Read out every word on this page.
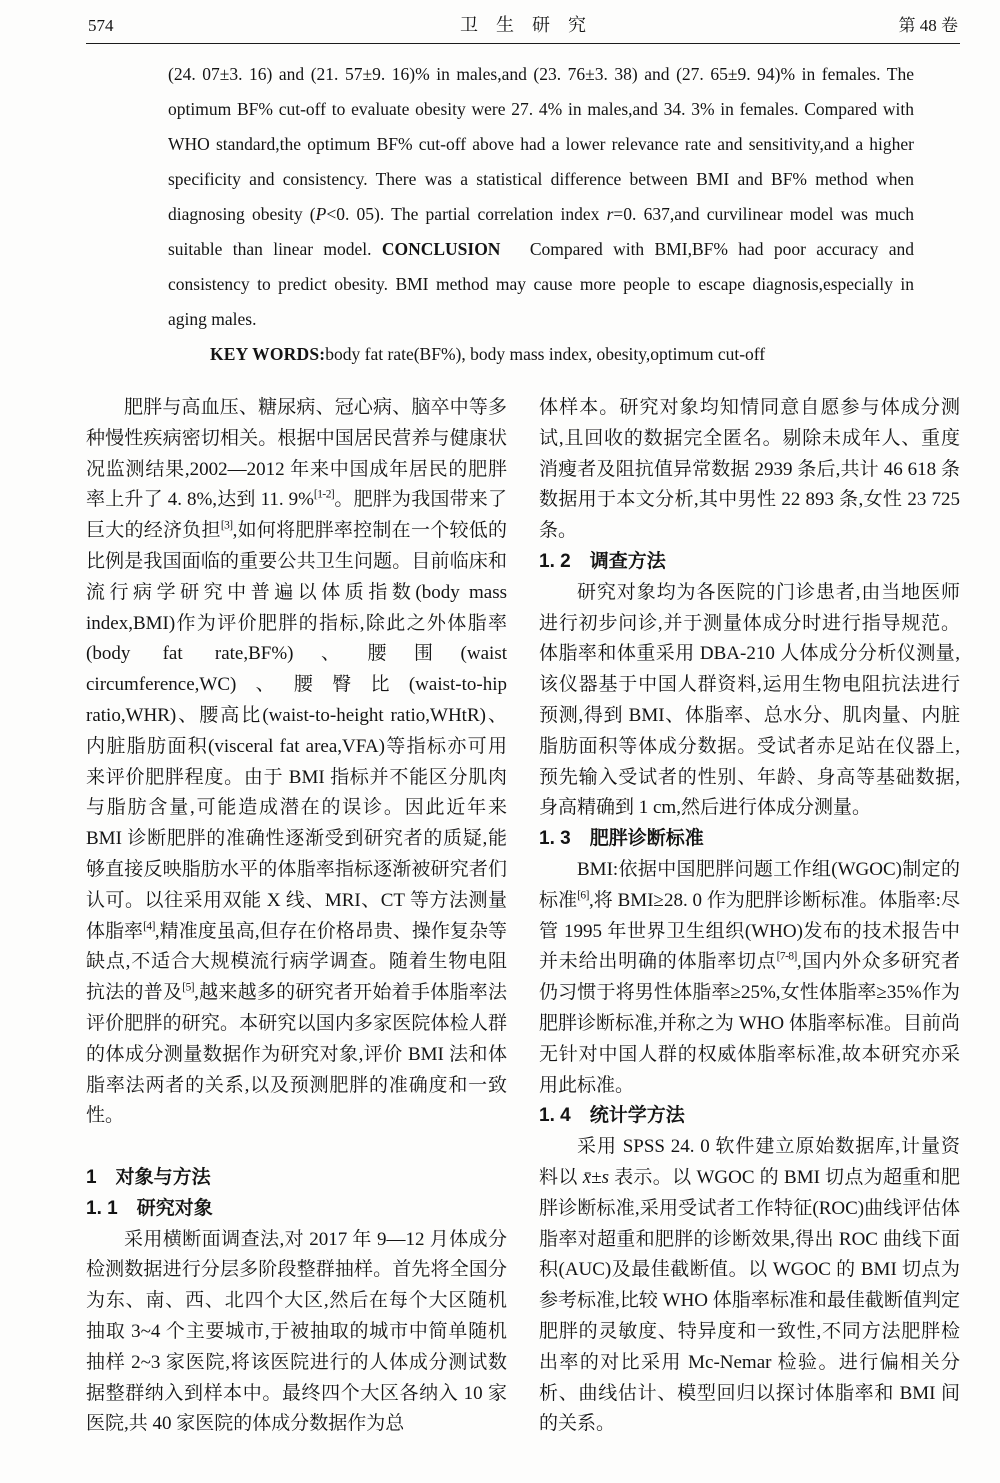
574	卫　生　研　究	第 48 卷

(24. 07±3. 16) and (21. 57±9. 16)% in males,and (23. 76±3. 38) and (27. 65±9. 94)% in females. The optimum BF% cut-off to evaluate obesity were 27. 4% in males,and 34. 3% in females. Compared with WHO standard,the optimum BF% cut-off above had a lower relevance rate and sensitivity,and a higher specificity and consistency. There was a statistical difference between BMI and BF% method when diagnosing obesity (P<0. 05). The partial correlation index r=0. 637,and curvilinear model was much suitable than linear model. CONCLUSION　Compared with BMI,BF% had poor accuracy and consistency to predict obesity. BMI method may cause more people to escape diagnosis,especially in aging males.

KEY WORDS:body fat rate(BF%), body mass index, obesity,optimum cut-off

肥胖与高血压、糖尿病、冠心病、脑卒中等多种慢性疾病密切相关。根据中国居民营养与健康状况监测结果,2002—2012 年来中国成年居民的肥胖率上升了 4. 8%,达到 11. 9%[1-2]。肥胖为我国带来了巨大的经济负担[3],如何将肥胖率控制在一个较低的比例是我国面临的重要公共卫生问题。目前临床和流行病学研究中普遍以体质指数(body mass index,BMI)作为评价肥胖的指标,除此之外体脂率(body fat rate,BF%)、腰围(waist circumference,WC)、腰臀比(waist-to-hip ratio,WHR)、腰高比(waist-to-height ratio,WHtR)、内脏脂肪面积(visceral fat area,VFA)等指标亦可用来评价肥胖程度。由于 BMI 指标并不能区分肌肉与脂肪含量,可能造成潜在的误诊。因此近年来 BMI 诊断肥胖的准确性逐渐受到研究者的质疑,能够直接反映脂肪水平的体脂率指标逐渐被研究者们认可。以往采用双能 X 线、MRI、CT 等方法测量体脂率[4],精准度虽高,但存在价格昂贵、操作复杂等缺点,不适合大规模流行病学调查。随着生物电阻抗法的普及[5],越来越多的研究者开始着手体脂率法评价肥胖的研究。本研究以国内多家医院体检人群的体成分测量数据作为研究对象,评价 BMI 法和体脂率法两者的关系,以及预测肥胖的准确度和一致性。

1　对象与方法
1. 1　研究对象

采用横断面调查法,对 2017 年 9—12 月体成分检测数据进行分层多阶段整群抽样。首先将全国分为东、南、西、北四个大区,然后在每个大区随机抽取 3~4 个主要城市,于被抽取的城市中简单随机抽样 2~3 家医院,将该医院进行的人体成分测试数据整群纳入到样本中。最终四个大区各纳入 10 家医院,共 40 家医院的体成分数据作为总

体样本。研究对象均知情同意自愿参与体成分测试,且回收的数据完全匿名。剔除未成年人、重度消瘦者及阻抗值异常数据 2939 条后,共计 46 618 条数据用于本文分析,其中男性 22 893 条,女性 23 725 条。

1. 2　调查方法

研究对象均为各医院的门诊患者,由当地医师进行初步问诊,并于测量体成分时进行指导规范。体脂率和体重采用 DBA-210 人体成分分析仪测量,该仪器基于中国人群资料,运用生物电阻抗法进行预测,得到 BMI、体脂率、总水分、肌肉量、内脏脂肪面积等体成分数据。受试者赤足站在仪器上,预先输入受试者的性别、年龄、身高等基础数据,身高精确到 1 cm,然后进行体成分测量。

1. 3　肥胖诊断标准

BMI:依据中国肥胖问题工作组(WGOC)制定的标准[6],将 BMI≥28. 0 作为肥胖诊断标准。体脂率:尽管 1995 年世界卫生组织(WHO)发布的技术报告中并未给出明确的体脂率切点[7-8],国内外众多研究者仍习惯于将男性体脂率≥25%,女性体脂率≥35%作为肥胖诊断标准,并称之为 WHO 体脂率标准。目前尚无针对中国人群的权威体脂率标准,故本研究亦采用此标准。

1. 4　统计学方法

采用 SPSS 24. 0 软件建立原始数据库,计量资料以 x̄±s 表示。以 WGOC 的 BMI 切点为超重和肥胖诊断标准,采用受试者工作特征(ROC)曲线评估体脂率对超重和肥胖的诊断效果,得出 ROC 曲线下面积(AUC)及最佳截断值。以 WGOC 的 BMI 切点为参考标准,比较 WHO 体脂率标准和最佳截断值判定肥胖的灵敏度、特异度和一致性,不同方法肥胖检出率的对比采用 Mc-Nemar 检验。进行偏相关分析、曲线估计、模型回归以探讨体脂率和 BMI 间的关系。
